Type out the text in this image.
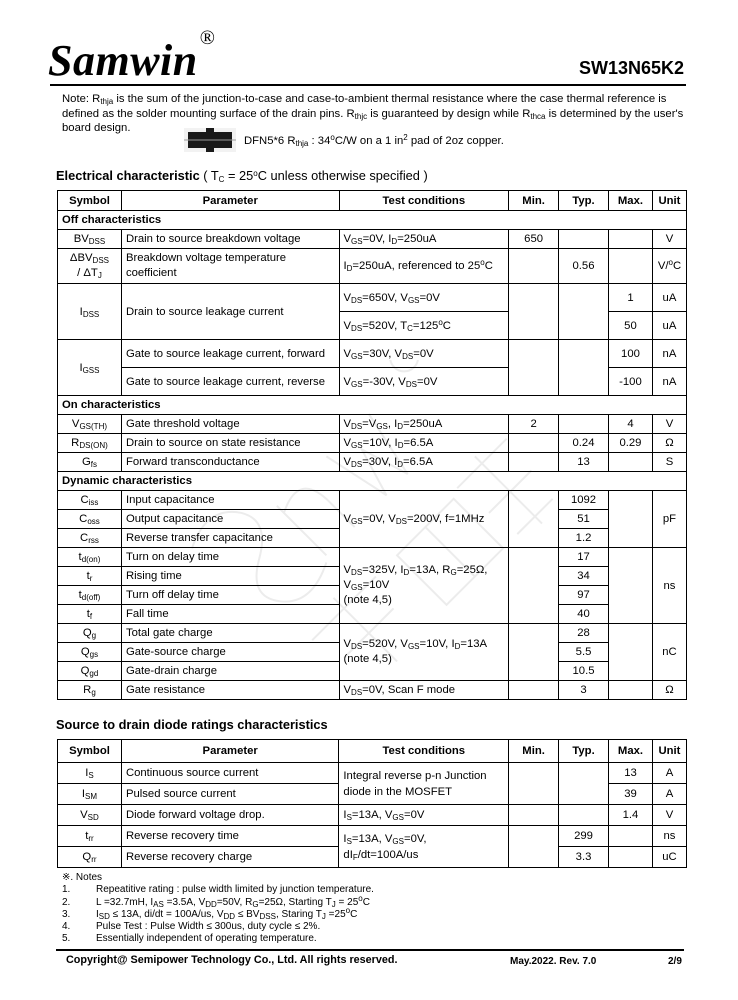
Samwin ®
SW13N65K2
Note: $R_{thja}$ is the sum of the junction-to-case and case-to-ambient thermal resistance where the case thermal reference is defined as the solder mounting surface of the drain pins. $R_{thjc}$ is guaranteed by design while $R_{thca}$ is determined by the user's board design.
DFN5*6 $R_{thja}$ : 34$^o$C/W on a 1 $in^2$ pad of 2oz copper.
Electrical characteristic ( $T_C = 25^oC$ unless otherwise specified )
Symbol	Parameter	Test conditions	Min.	Typ.	Max.	Unit
Off characteristics						
$BV_{DSS}$	Drain to source breakdown voltage	$V_{GS}=0V$, $I_D=250uA$	650			V
$\Delta BV_{DSS}$
/ $\Delta T_J$	Breakdown voltage temperature coefficient	$I_D=250uA$, referenced to 25$^o$C		0.56		V/$^o$C
$I_{DSS}$	Drain to source leakage current	$V_{DS}=650V$, $V_{GS}=0V$			1	uA
		$V_{DS}=520V$, $T_C=125^oC$			50	uA
$I_{GSS}$	Gate to source leakage current, forward	$V_{GS}=30V$, $V_{DS}=0V$			100	nA
	Gate to source leakage current, reverse	$V_{GS}=-30V$, $V_{DS}=0V$			-100	nA
On characteristics						
$V_{GS(TH)}$	Gate threshold voltage	$V_{DS}=V_{GS}$, $I_D=250uA$	2		4	V
$R_{DS(ON)}$	Drain to source on state resistance	$V_{GS}=10V$, $I_D=6.5A$		0.24	0.29	Ω
$G_{fs}$	Forward transconductance	$V_{DS}=30V$, $I_D=6.5A$		13		S
Dynamic characteristics						
$C_{iss}$	Input capacitance	$V_{GS}=0V$, $V_{DS}=200V$, f=1MHz		1092		pF
$C_{oss}$	Output capacitance			51		
$C_{rss}$	Reverse transfer capacitance			1.2		
$t_{d(on)}$	Turn on delay time	$V_{DS}=325V$, $I_D=13A$, $R_G=25\Omega$,
$V_{GS}=10V$
(note 4,5)		17		ns
$t_r$	Rising time			34		
$t_{d(off)}$	Turn off delay time			97		
$t_f$	Fall time			40		
$Q_g$	Total gate charge	$V_{DS}=520V$, $V_{GS}=10V$, $I_D=13A$
(note 4,5)		28		nC
$Q_{gs}$	Gate-source charge			5.5		
$Q_{gd}$	Gate-drain charge			10.5		
$R_g$	Gate resistance	$V_{DS}=0V$, Scan F mode		3		Ω
Source to drain diode ratings characteristics
Symbol	Parameter	Test conditions	Min.	Typ.	Max.	Unit
$I_S$	Continuous source current	Integral reverse p-n Junction diode in the MOSFET			13	A
$I_{SM}$	Pulsed source current				39	A
$V_{SD}$	Diode forward voltage drop.	$I_S=13A$, $V_{GS}=0V$			1.4	V
$t_{rr}$	Reverse recovery time	$I_S=13A$, $V_{GS}=0V$,
$dI_F/dt=100A/us$		299		ns
$Q_{rr}$	Reverse recovery charge			3.3		uC
※. Notes
1.	Repeatitive rating : pulse width limited by junction temperature.
2.	L =32.7mH, $I_{AS} =3.5A$, $V_{DD}=50V$, $R_G=25\Omega$, Starting $T_J = 25^oC$
3.	$I_{SD} \le 13A$, di/dt = 100A/us, $V_{DD} \le BV_{DSS}$, Staring $T_J =25^oC$
4.	Pulse Test : Pulse Width ≤ 300us, duty cycle ≤ 2%.
5.	Essentially independent of operating temperature.
Copyright@ Semipower Technology Co., Ltd. All rights reserved.	May.2022. Rev. 7.0	2/9
